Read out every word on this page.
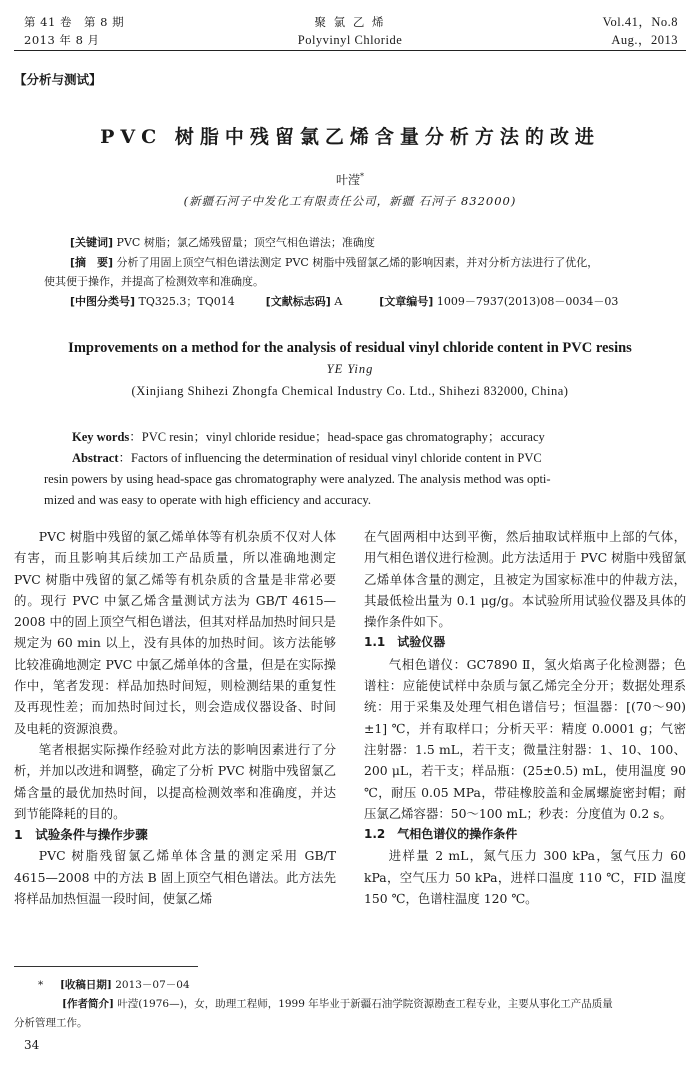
第 41 卷　第 8 期
2013 年 8 月
聚 氯 乙 烯
Polyvinyl Chloride
Vol.41，No.8
Aug.，2013
【分析与测试】
PVC 树脂中残留氯乙烯含量分析方法的改进
叶滢*
(新疆石河子中发化工有限责任公司，新疆 石河子 832000)
[关键词] PVC 树脂；氯乙烯残留量；顶空气相色谱法；准确度
[摘　要] 分析了用固上顶空气相色谱法测定 PVC 树脂中残留氯乙烯的影响因素，并对分析方法进行了优化，
使其便于操作，并提高了检测效率和准确度。
[中图分类号] TQ325.3；TQ014	[文献标志码] A	[文章编号] 1009－7937(2013)08－0034－03
Improvements on a method for the analysis of residual vinyl chloride content in PVC resins
YE Ying
(Xinjiang Shihezi Zhongfa Chemical Industry Co. Ltd., Shihezi 832000, China)
Key words：PVC resin；vinyl chloride residue；head-space gas chromatography；accuracy
Abstract：Factors of influencing the determination of residual vinyl chloride content in PVC
resin powers by using head-space gas chromatography were analyzed. The analysis method was opti-
mized and was easy to operate with high efficiency and accuracy.

PVC 树脂中残留的氯乙烯单体等有机杂质不仅对人体有害，而且影响其后续加工产品质量，所以准确地测定 PVC 树脂中残留的氯乙烯等有机杂质的含量是非常必要的。现行 PVC 中氯乙烯含量测试方法为 GB/T 4615—2008 中的固上顶空气相色谱法，但其对样品加热时间只是规定为 60 min 以上，没有具体的加热时间。该方法能够比较准确地测定 PVC 中氯乙烯单体的含量，但是在实际操作中，笔者发现：样品加热时间短，则检测结果的重复性及再现性差；而加热时间过长，则会造成仪器设备、时间及电耗的资源浪费。

笔者根据实际操作经验对此方法的影响因素进行了分析，并加以改进和调整，确定了分析 PVC 树脂中残留氯乙烯含量的最优加热时间，以提高检测效率和准确度，并达到节能降耗的目的。

1　试验条件与操作步骤

PVC 树脂残留氯乙烯单体含量的测定采用 GB/T 4615—2008 中的方法 B 固上顶空气相色谱法。此方法先将样品加热恒温一段时间，使氯乙烯

在气固两相中达到平衡，然后抽取试样瓶中上部的气体，用气相色谱仪进行检测。此方法适用于 PVC 树脂中残留氯乙烯单体含量的测定，且被定为国家标准中的仲裁方法，其最低检出量为 0.1 μg/g。本试验所用试验仪器及具体的操作条件如下。

1.1　试验仪器

气相色谱仪：GC7890 Ⅱ，氢火焰离子化检测器；色谱柱：应能使试样中杂质与氯乙烯完全分开；数据处理系统：用于采集及处理气相色谱信号；恒温器：[(70～90)±1] ℃，并有取样口；分析天平：精度 0.0001 g；气密注射器：1.5 mL，若干支；微量注射器：1、10、100、200 μL，若干支；样品瓶：(25±0.5) mL，使用温度 90 ℃，耐压 0.05 MPa，带硅橡胶盖和金属螺旋密封帽；耐压氯乙烯容器：50～100 mL；秒表：分度值为 0.2 s。

1.2　气相色谱仪的操作条件

进样量 2 mL，氮气压力 300 kPa，氢气压力 60 kPa，空气压力 50 kPa，进样口温度 110 ℃，FID 温度 150 ℃，色谱柱温度 120 ℃。

* [收稿日期] 2013－07－04
[作者简介] 叶滢(1976—)，女，助理工程师，1999 年毕业于新疆石油学院资源勘查工程专业，主要从事化工产品质量
分析管理工作。
34
